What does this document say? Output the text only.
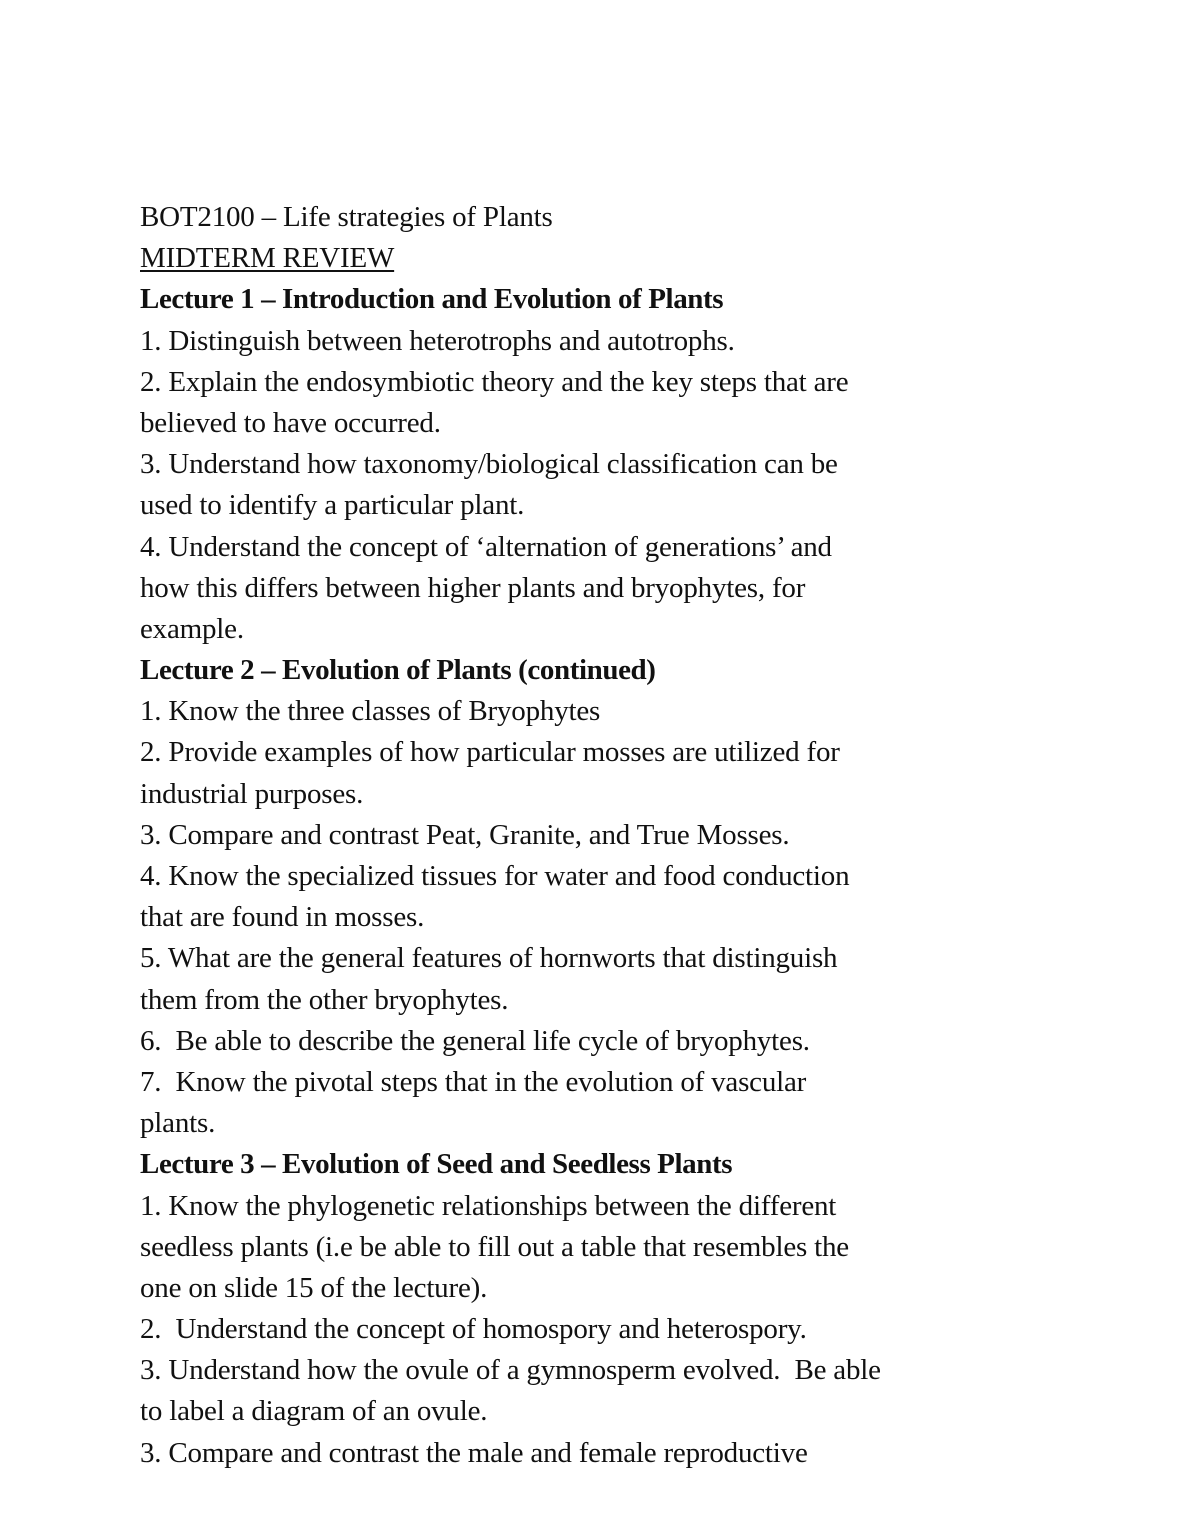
BOT2100 – Life strategies of Plants

MIDTERM REVIEW

Lecture 1 – Introduction and Evolution of Plants

1. Distinguish between heterotrophs and autotrophs.

2. Explain the endosymbiotic theory and the key steps that are

believed to have occurred.

3. Understand how taxonomy/biological classification can be

used to identify a particular plant.

4. Understand the concept of ‘alternation of generations’ and

how this differs between higher plants and bryophytes, for

example.

Lecture 2 – Evolution of Plants (continued)

1. Know the three classes of Bryophytes

2. Provide examples of how particular mosses are utilized for

industrial purposes.

3. Compare and contrast Peat, Granite, and True Mosses.

4. Know the specialized tissues for water and food conduction

that are found in mosses.

5. What are the general features of hornworts that distinguish

them from the other bryophytes.

6.  Be able to describe the general life cycle of bryophytes.

7.  Know the pivotal steps that in the evolution of vascular

plants.

Lecture 3 – Evolution of Seed and Seedless Plants

1. Know the phylogenetic relationships between the different

seedless plants (i.e be able to fill out a table that resembles the

one on slide 15 of the lecture).

2.  Understand the concept of homospory and heterospory.

3. Understand how the ovule of a gymnosperm evolved.  Be able

to label a diagram of an ovule.

3. Compare and contrast the male and female reproductive
